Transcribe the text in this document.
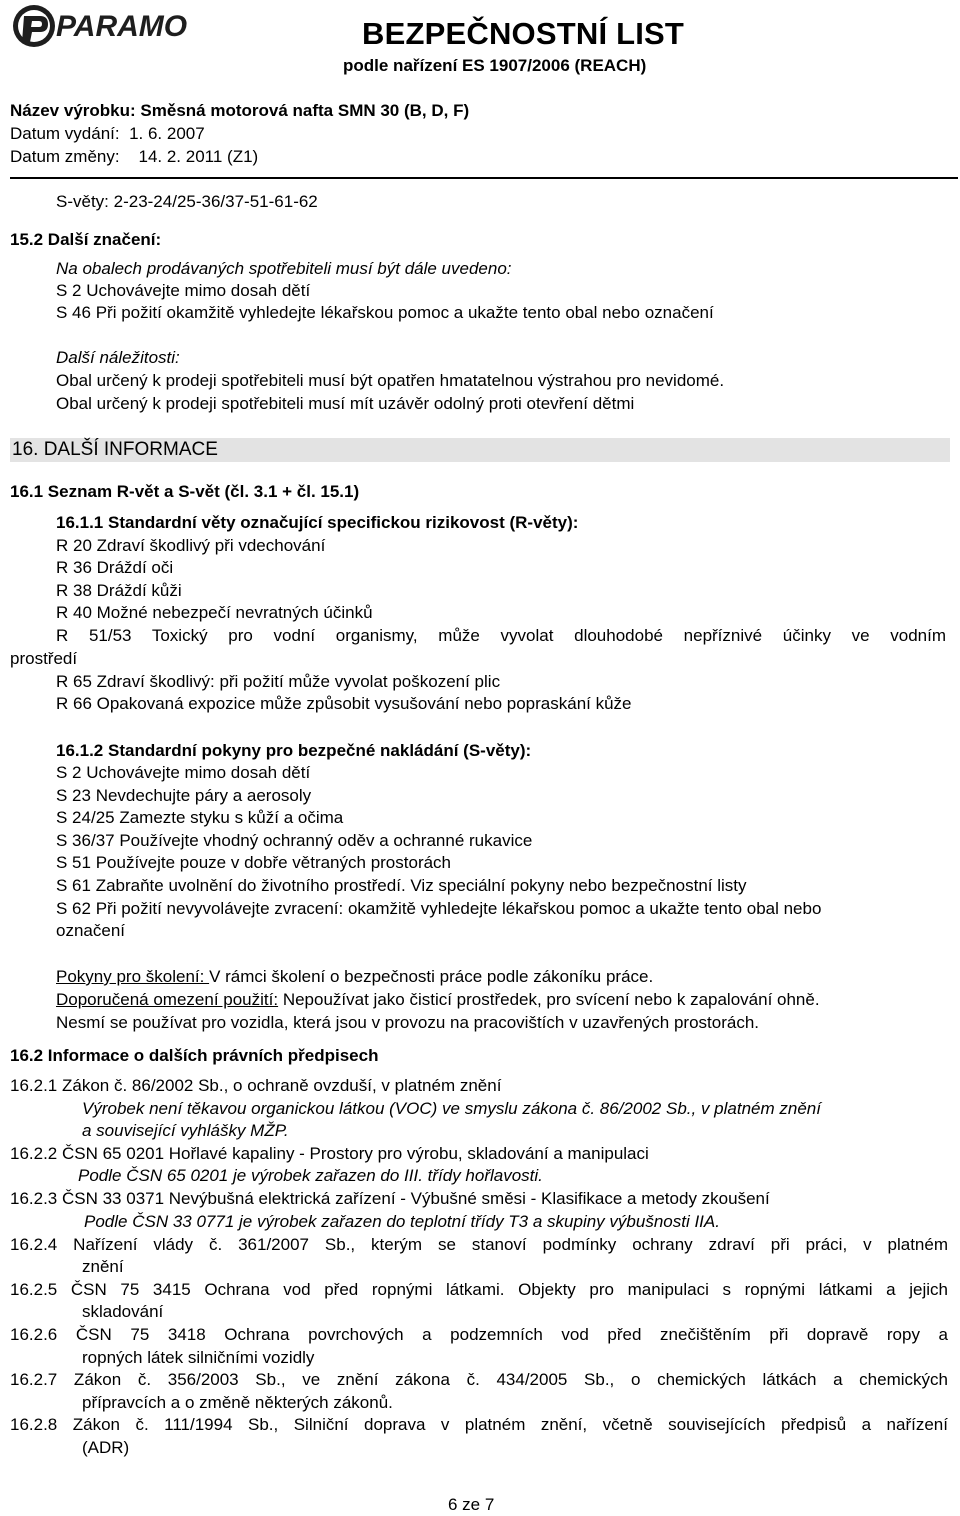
PARAMO	BEZPEČNOSTNÍ LIST
podle nařízení ES 1907/2006 (REACH)
Název výrobku: Směsná motorová nafta SMN 30 (B, D, F)
Datum vydání: 1. 6. 2007
Datum změny: 14. 2. 2011 (Z1)
S-věty: 2-23-24/25-36/37-51-61-62
15.2 Další značení:
Na obalech prodávaných spotřebiteli musí být dále uvedeno:
S 2 Uchovávejte mimo dosah dětí
S 46 Při požití okamžitě vyhledejte lékařskou pomoc a ukažte tento obal nebo označení
Další náležitosti:
Obal určený k prodeji spotřebiteli musí být opatřen hmatatelnou výstrahou pro nevidomé.
Obal určený k prodeji spotřebiteli musí mít uzávěr odolný proti otevření dětmi
16. DALŠÍ INFORMACE
16.1 Seznam R-vět a S-vět (čl. 3.1 + čl. 15.1)
16.1.1 Standardní věty označující specifickou rizikovost (R-věty):
R 20 Zdraví škodlivý při vdechování
R 36 Dráždí oči
R 38 Dráždí kůži
R 40 Možné nebezpečí nevratných účinků
R 51/53 Toxický pro vodní organismy, může vyvolat dlouhodobé nepříznivé účinky ve vodním
prostředí
R 65 Zdraví škodlivý: při požití může vyvolat poškození plic
R 66 Opakovaná expozice může způsobit vysušování nebo popraskání kůže
16.1.2 Standardní pokyny pro bezpečné nakládání (S-věty):
S 2 Uchovávejte mimo dosah dětí
S 23 Nevdechujte páry a aerosoly
S 24/25 Zamezte styku s kůží a očima
S 36/37 Používejte vhodný ochranný oděv a ochranné rukavice
S 51 Používejte pouze v dobře větraných prostorách
S 61 Zabraňte uvolnění do životního prostředí. Viz speciální pokyny nebo bezpečnostní listy
S 62 Při požití nevyvolávejte zvracení: okamžitě vyhledejte lékařskou pomoc a ukažte tento obal nebo
označení
Pokyny pro školení: V rámci školení o bezpečnosti práce podle zákoníku práce.
Doporučená omezení použití: Nepoužívat jako čisticí prostředek, pro svícení nebo k zapalování ohně.
Nesmí se používat pro vozidla, která jsou v provozu na pracovištích v uzavřených prostorách.
16.2 Informace o dalších právních předpisech
16.2.1 Zákon č. 86/2002 Sb., o ochraně ovzduší, v platném znění
Výrobek není těkavou organickou látkou (VOC) ve smyslu zákona č. 86/2002 Sb., v platném znění
a související vyhlášky MŽP.
16.2.2 ČSN 65 0201 Hořlavé kapaliny - Prostory pro výrobu, skladování a manipulaci
Podle ČSN 65 0201 je výrobek zařazen do III. třídy hořlavosti.
16.2.3 ČSN 33 0371 Nevýbušná elektrická zařízení - Výbušné směsi - Klasifikace a metody zkoušení
Podle ČSN 33 0771 je výrobek zařazen do teplotní třídy T3 a skupiny výbušnosti IIA.
16.2.4 Nařízení vlády č. 361/2007 Sb., kterým se stanoví podmínky ochrany zdraví při práci, v platném
znění
16.2.5 ČSN 75 3415 Ochrana vod před ropnými látkami. Objekty pro manipulaci s ropnými látkami a jejich
skladování
16.2.6 ČSN 75 3418 Ochrana povrchových a podzemních vod před znečištěním při dopravě ropy a
ropných látek silničními vozidly
16.2.7 Zákon č. 356/2003 Sb., ve znění zákona č. 434/2005 Sb., o chemických látkách a chemických
přípravcích a o změně některých zákonů.
16.2.8 Zákon č. 111/1994 Sb., Silniční doprava v platném znění, včetně souvisejících předpisů a nařízení
(ADR)
6 ze 7
